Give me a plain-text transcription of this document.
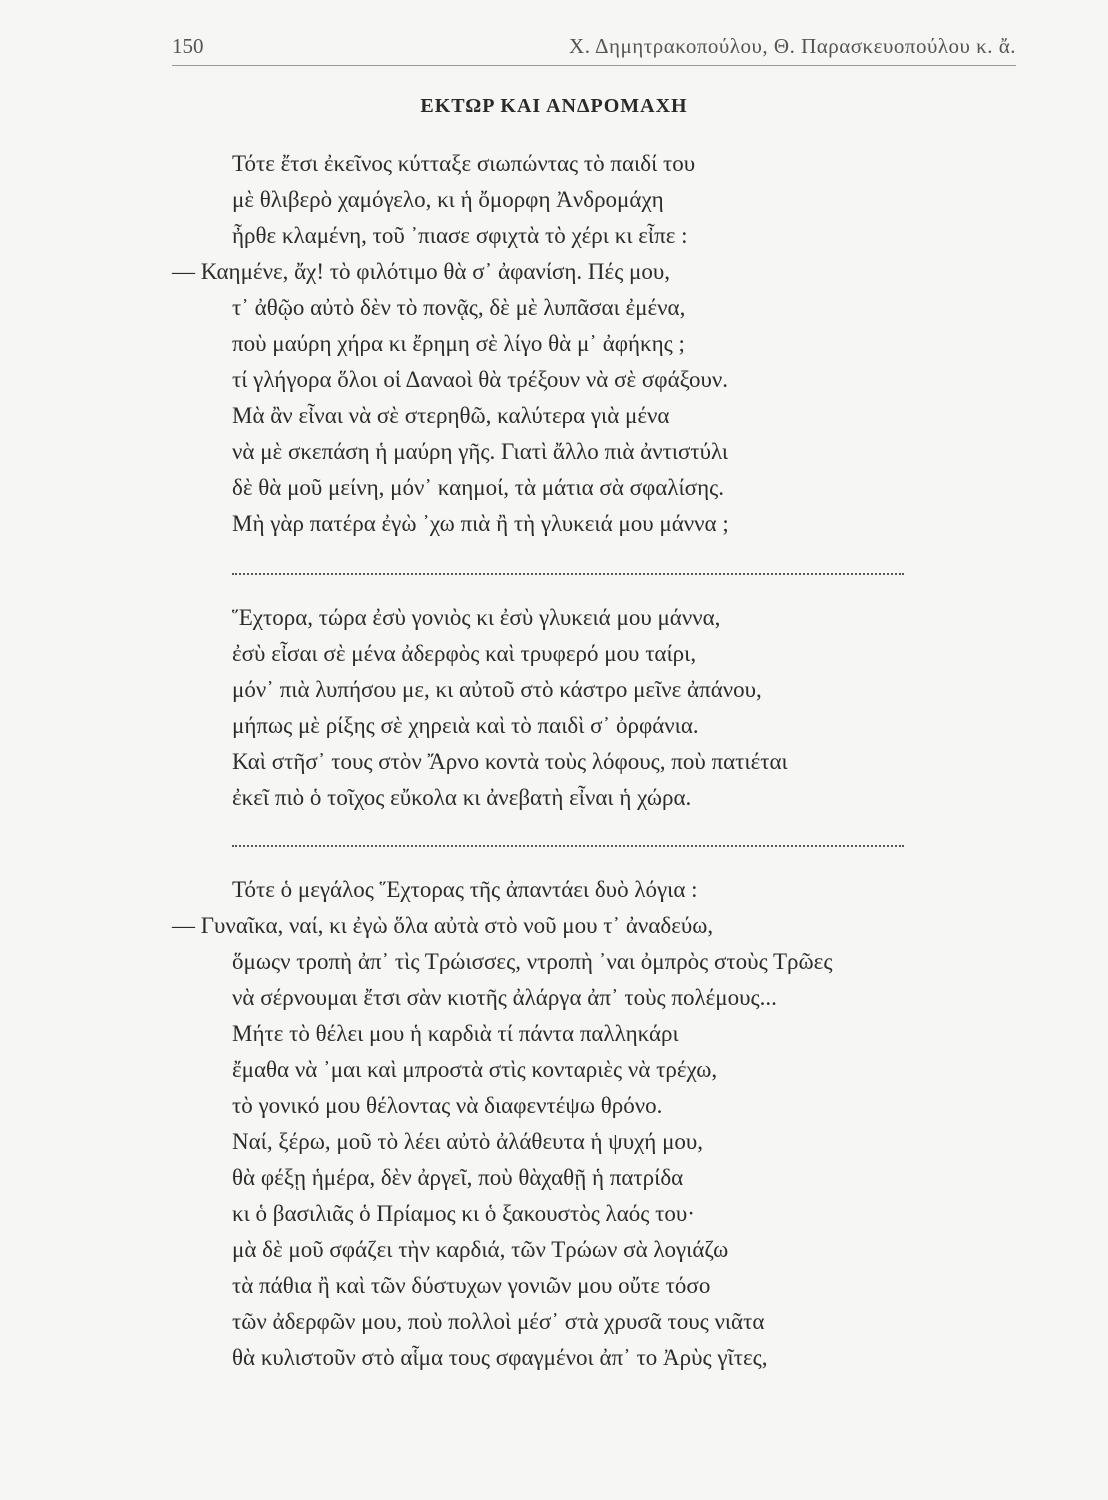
150	Χ. Δημητρακοπούλου, Θ. Παρασκευοπούλου κ. ἄ.
ΕΚΤΩΡ ΚΑΙ ΑΝΔΡΟΜΑΧΗ
Τότε ἔτσι ἐκεῖνος κύτταξε σιωπώντας τὸ παιδί του
μὲ θλιβερὸ χαμόγελο, κι ἡ ὄμορφη Ἀνδρομάχη
ἦρθε κλαμένη, τοῦ ᾿πιασε σφιχτὰ τὸ χέρι κι εἶπε :
— Καημένε, ἄχ! τὸ φιλότιμο θὰ σ᾿ ἀφανίση. Πές μου,
τ᾿ ἀθῷο αὐτὸ δὲν τὸ πονᾷς, δὲ μὲ λυπᾶσαι ἐμένα,
ποὺ μαύρη χήρα κι ἔρημη σὲ λίγο θὰ μ᾿ ἀφήκης ;
τί γλήγορα ὅλοι οἱ Δαναοὶ θὰ τρέξουν νὰ σὲ σφάξουν.
Μὰ ἂν εἶναι νὰ σὲ στερηθῶ, καλύτερα γιὰ μένα
νὰ μὲ σκεπάση ἡ μαύρη γῆς. Γιατὶ ἄλλο πιὰ ἀντιστύλι
δὲ θὰ μοῦ μείνη, μόν᾿ καημοί, τὰ μάτια σὰ σφαλίσης.
Μὴ γὰρ πατέρα ἐγὼ ᾿χω πιὰ ἢ τὴ γλυκειά μου μάννα ;
Ἕχτορα, τώρα ἐσὺ γονιὸς κι ἐσὺ γλυκειά μου μάννα,
ἐσὺ εἶσαι σὲ μένα ἀδερφὸς καὶ τρυφερό μου ταίρι,
μόν᾿ πιὰ λυπήσου με, κι αὐτοῦ στὸ κάστρο μεῖνε ἀπάνου,
μήπως μὲ ρίξης σὲ χηρειὰ καὶ τὸ παιδὶ σ᾿ ὀρφάνια.
Καὶ στῆσ᾿ τους στὸν Ἄρνο κοντὰ τοὺς λόφους, ποὺ πατιέται
ἐκεῖ πιὸ ὁ τοῖχος εὔκολα κι ἀνεβατὴ εἶναι ἡ χώρα.
Τότε ὁ μεγάλος Ἕχτορας τῆς ἀπαντάει δυὸ λόγια :
— Γυναῖκα, ναί, κι ἐγὼ ὅλα αὐτὰ στὸ νοῦ μου τ᾿ ἀναδεύω,
ὅμωςν τροπὴ ἀπ᾿ τὶς Τρώισσες, ντροπὴ ᾿ναι ὀμπρὸς στοὺς Τρῶες
νὰ σέρνουμαι ἔτσι σὰν κιοτῆς ἀλάργα ἀπ᾿ τοὺς πολέμους...
Μήτε τὸ θέλει μου ἡ καρδιὰ τί πάντα παλληκάρι
ἔμαθα νὰ ᾿μαι καὶ μπροστὰ στὶς κονταριὲς νὰ τρέχω,
τὸ γονικό μου θέλοντας νὰ διαφεντέψω θρόνο.
Ναί, ξέρω, μοῦ τὸ λέει αὐτὸ ἀλάθευτα ἡ ψυχή μου,
θὰ φέξῃ ἡμέρα, δὲν ἀργεῖ, ποὺ θὰχαθῇ ἡ πατρίδα
κι ὁ βασιλιᾶς ὁ Πρίαμος κι ὁ ξακουστὸς λαός του·
μὰ δὲ μοῦ σφάζει τὴν καρδιά, τῶν Τρώων σὰ λογιάζω
τὰ πάθια ἢ καὶ τῶν δύστυχων γονιῶν μου οὔτε τόσο
τῶν ἀδερφῶν μου, ποὺ πολλοὶ μέσ᾿ στὰ χρυσᾶ τους νιᾶτα
θὰ κυλιστοῦν στὸ αἷμα τους σφαγμένοι ἀπ᾿ το Ἀρὺς γῖτες,
